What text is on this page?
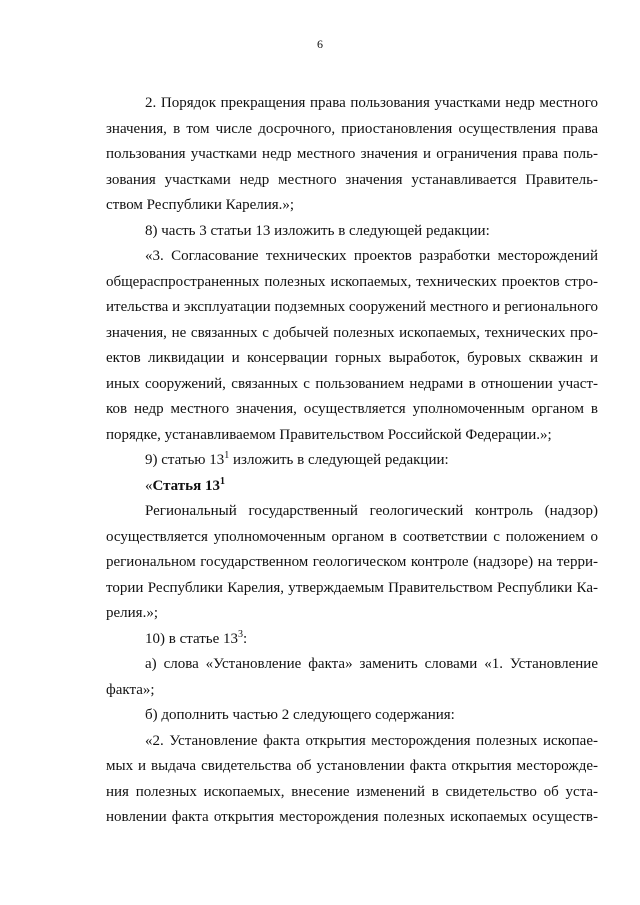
6

2. Порядок прекращения права пользования участками недр местного
значения, в том числе досрочного, приостановления осуществления права
пользования участками недр местного значения и ограничения права поль-
зования участками недр местного значения устанавливается Правитель-
ством Республики Карелия.»;

8) часть 3 статьи 13 изложить в следующей редакции:

«3. Согласование технических проектов разработки месторождений
общераспространенных полезных ископаемых, технических проектов стро-
ительства и эксплуатации подземных сооружений местного и регионального
значения, не связанных с добычей полезных ископаемых, технических про-
ектов ликвидации и консервации горных выработок, буровых скважин и
иных сооружений, связанных с пользованием недрами в отношении участ-
ков недр местного значения, осуществляется уполномоченным органом в
порядке, устанавливаемом Правительством Российской Федерации.»;

9) статью $13^1$ изложить в следующей редакции:

«Статья $13^1$

Региональный государственный геологический контроль (надзор)
осуществляется уполномоченным органом в соответствии с положением о
региональном государственном геологическом контроле (надзоре) на терри-
тории Республики Карелия, утверждаемым Правительством Республики Ка-
релия.»;

10) в статье $13^3$:

а) слова «Установление факта» заменить словами «1. Установление
факта»;

б) дополнить частью 2 следующего содержания:

«2. Установление факта открытия месторождения полезных ископае-
мых и выдача свидетельства об установлении факта открытия месторожде-
ния полезных ископаемых, внесение изменений в свидетельство об уста-
новлении факта открытия месторождения полезных ископаемых осуществ-
